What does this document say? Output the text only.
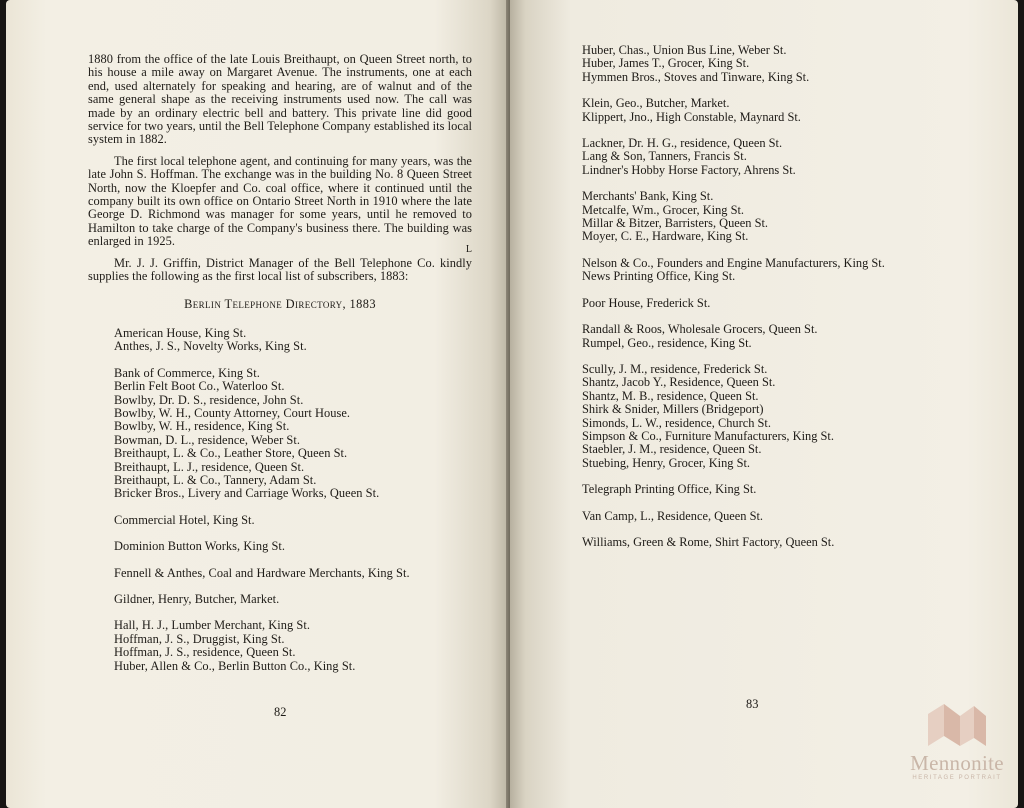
1880 from the office of the late Louis Breithaupt, on Queen Street north, to his house a mile away on Margaret Avenue. The instruments, one at each end, used alternately for speaking and hearing, are of walnut and of the same general shape as the receiving instruments used now. The call was made by an ordinary electric bell and battery. This private line did good service for two years, until the Bell Telephone Company established its local system in 1882.

The first local telephone agent, and continuing for many years, was the late John S. Hoffman. The exchange was in the building No. 8 Queen Street North, now the Kloepfer and Co. coal office, where it continued until the company built its own office on Ontario Street North in 1910 where the late George D. Richmond was manager for some years, until he removed to Hamilton to take charge of the Company's business there. The building was enlarged in 1925.
L

Mr. J. J. Griffin, District Manager of the Bell Telephone Co. kindly supplies the following as the first local list of subscribers, 1883:

Berlin Telephone Directory, 1883
American House, King St.
Anthes, J. S., Novelty Works, King St.
Bank of Commerce, King St.
Berlin Felt Boot Co., Waterloo St.
Bowlby, Dr. D. S., residence, John St.
Bowlby, W. H., County Attorney, Court House.
Bowlby, W. H., residence, King St.
Bowman, D. L., residence, Weber St.
Breithaupt, L. & Co., Leather Store, Queen St.
Breithaupt, L. J., residence, Queen St.
Breithaupt, L. & Co., Tannery, Adam St.
Bricker Bros., Livery and Carriage Works, Queen St.
Commercial Hotel, King St.
Dominion Button Works, King St.
Fennell & Anthes, Coal and Hardware Merchants, King St.
Gildner, Henry, Butcher, Market.
Hall, H. J., Lumber Merchant, King St.
Hoffman, J. S., Druggist, King St.
Hoffman, J. S., residence, Queen St.
Huber, Allen & Co., Berlin Button Co., King St.
82
Huber, Chas., Union Bus Line, Weber St.
Huber, James T., Grocer, King St.
Hymmen Bros., Stoves and Tinware, King St.
Klein, Geo., Butcher, Market.
Klippert, Jno., High Constable, Maynard St.
Lackner, Dr. H. G., residence, Queen St.
Lang & Son, Tanners, Francis St.
Lindner's Hobby Horse Factory, Ahrens St.
Merchants' Bank, King St.
Metcalfe, Wm., Grocer, King St.
Millar & Bitzer, Barristers, Queen St.
Moyer, C. E., Hardware, King St.
Nelson & Co., Founders and Engine Manufacturers, King St.
News Printing Office, King St.
Poor House, Frederick St.
Randall & Roos, Wholesale Grocers, Queen St.
Rumpel, Geo., residence, King St.
Scully, J. M., residence, Frederick St.
Shantz, Jacob Y., Residence, Queen St.
Shantz, M. B., residence, Queen St.
Shirk & Snider, Millers (Bridgeport)
Simonds, L. W., residence, Church St.
Simpson & Co., Furniture Manufacturers, King St.
Staebler, J. M., residence, Queen St.
Stuebing, Henry, Grocer, King St.
Telegraph Printing Office, King St.
Van Camp, L., Residence, Queen St.
Williams, Green & Rome, Shirt Factory, Queen St.
83
Mennonite
HERITAGE PORTRAIT
